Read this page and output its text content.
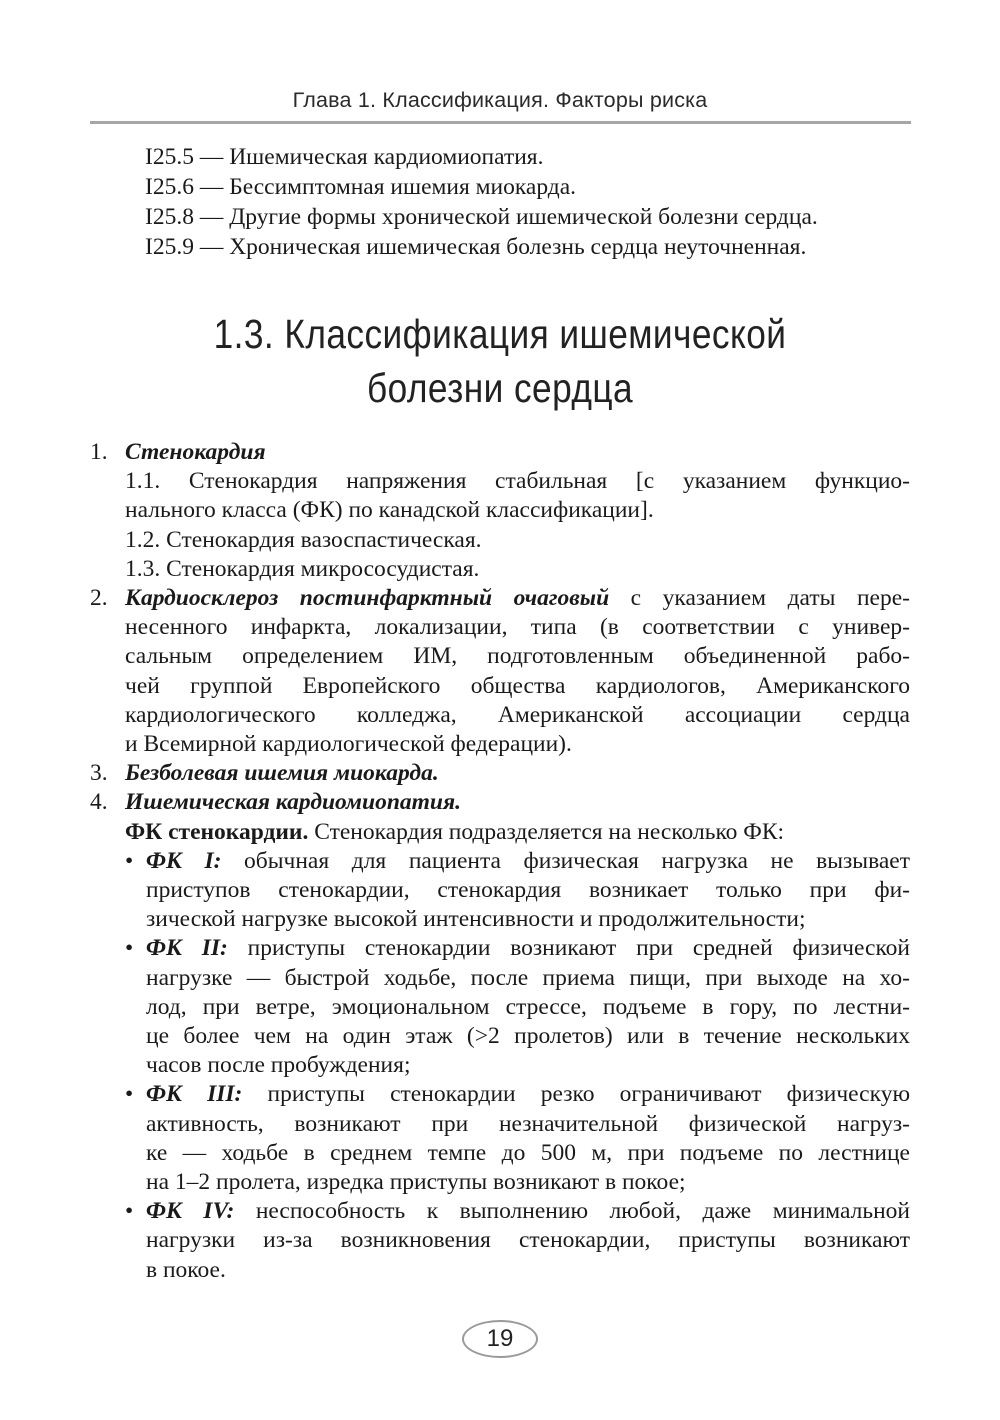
Глава 1. Классификация. Факторы риска
I25.5 — Ишемическая кардиомиопатия.
I25.6 — Бессимптомная ишемия миокарда.
I25.8 — Другие формы хронической ишемической болезни сердца.
I25.9 — Хроническая ишемическая болезнь сердца неуточненная.
1.3. Классификация ишемической
болезни сердца
1. Стенокардия
1.1. Стенокардия напряжения стабильная [с указанием функцио-
нального класса (ФК) по канадской классификации].
1.2. Стенокардия вазоспастическая.
1.3. Стенокардия микрососудистая.
2. Кардиосклероз постинфарктный очаговый с указанием даты пере-
несенного инфаркта, локализации, типа (в соответствии с универ-
сальным определением ИМ, подготовленным объединенной рабо-
чей группой Европейского общества кардиологов, Американского
кардиологического колледжа, Американской ассоциации сердца
и Всемирной кардиологической федерации).
3. Безболевая ишемия миокарда.
4. Ишемическая кардиомиопатия.
ФК стенокардии. Стенокардия подразделяется на несколько ФК:
• ФК I: обычная для пациента физическая нагрузка не вызывает
приступов стенокардии, стенокардия возникает только при фи-
зической нагрузке высокой интенсивности и продолжительности;
• ФК II: приступы стенокардии возникают при средней физической
нагрузке — быстрой ходьбе, после приема пищи, при выходе на хо-
лод, при ветре, эмоциональном стрессе, подъеме в гору, по лестни-
це более чем на один этаж (>2 пролетов) или в течение нескольких
часов после пробуждения;
• ФК III: приступы стенокардии резко ограничивают физическую
активность, возникают при незначительной физической нагруз-
ке — ходьбе в среднем темпе до 500 м, при подъеме по лестнице
на 1–2 пролета, изредка приступы возникают в покое;
• ФК IV: неспособность к выполнению любой, даже минимальной
нагрузки из-за возникновения стенокардии, приступы возникают
в покое.
19
